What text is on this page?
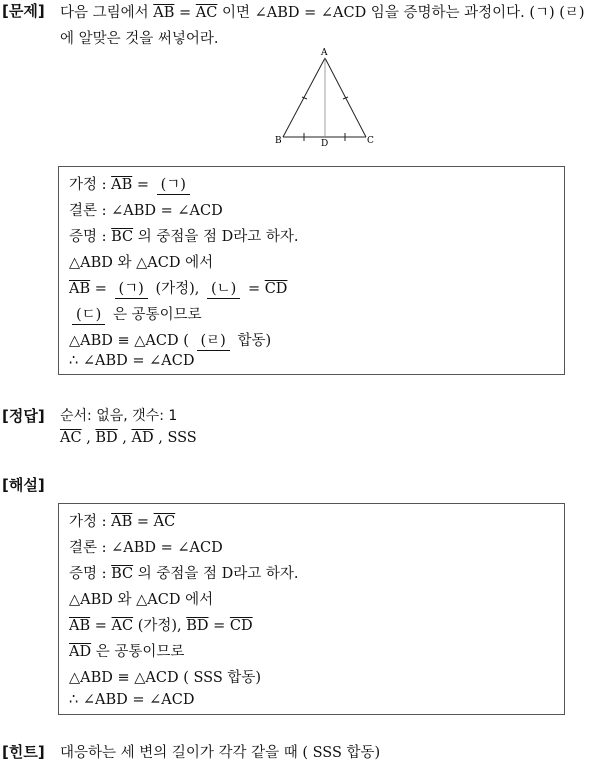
[문제] 다음 그림에서 $\overline{AB} = \overline{AC}$ 이면 ∠ABD = ∠ACD 임을 증명하는 과정이다. (ㄱ) (ㄹ)
에 알맞은 것을 써넣어라.
A
B	C
D
가정 : $\overline{AB}$ = (ㄱ)
결론 : ∠ABD = ∠ACD
증명 : $\overline{BC}$ 의 중점을 점 D라고 하자.
△ABD 와 △ACD 에서
$\overline{AB}$ = (ㄱ) (가정), (ㄴ) = $\overline{CD}$
(ㄷ) 은 공통이므로
△ABD ≡ △ACD ( (ㄹ) 합동)
∴ ∠ABD = ∠ACD
[정답] 순서: 없음, 갯수: 1
$\overline{AC}$ , $\overline{BD}$ , $\overline{AD}$ , SSS
[해설]
가정 : $\overline{AB} = \overline{AC}$
결론 : ∠ABD = ∠ACD
증명 : $\overline{BC}$ 의 중점을 점 D라고 하자.
△ABD 와 △ACD 에서
$\overline{AB} = \overline{AC}$ (가정), $\overline{BD} = \overline{CD}$
$\overline{AD}$ 은 공통이므로
△ABD ≡ △ACD ( SSS 합동)
∴ ∠ABD = ∠ACD
[힌트] 대응하는 세 변의 길이가 각각 같을 때 ( SSS 합동)
